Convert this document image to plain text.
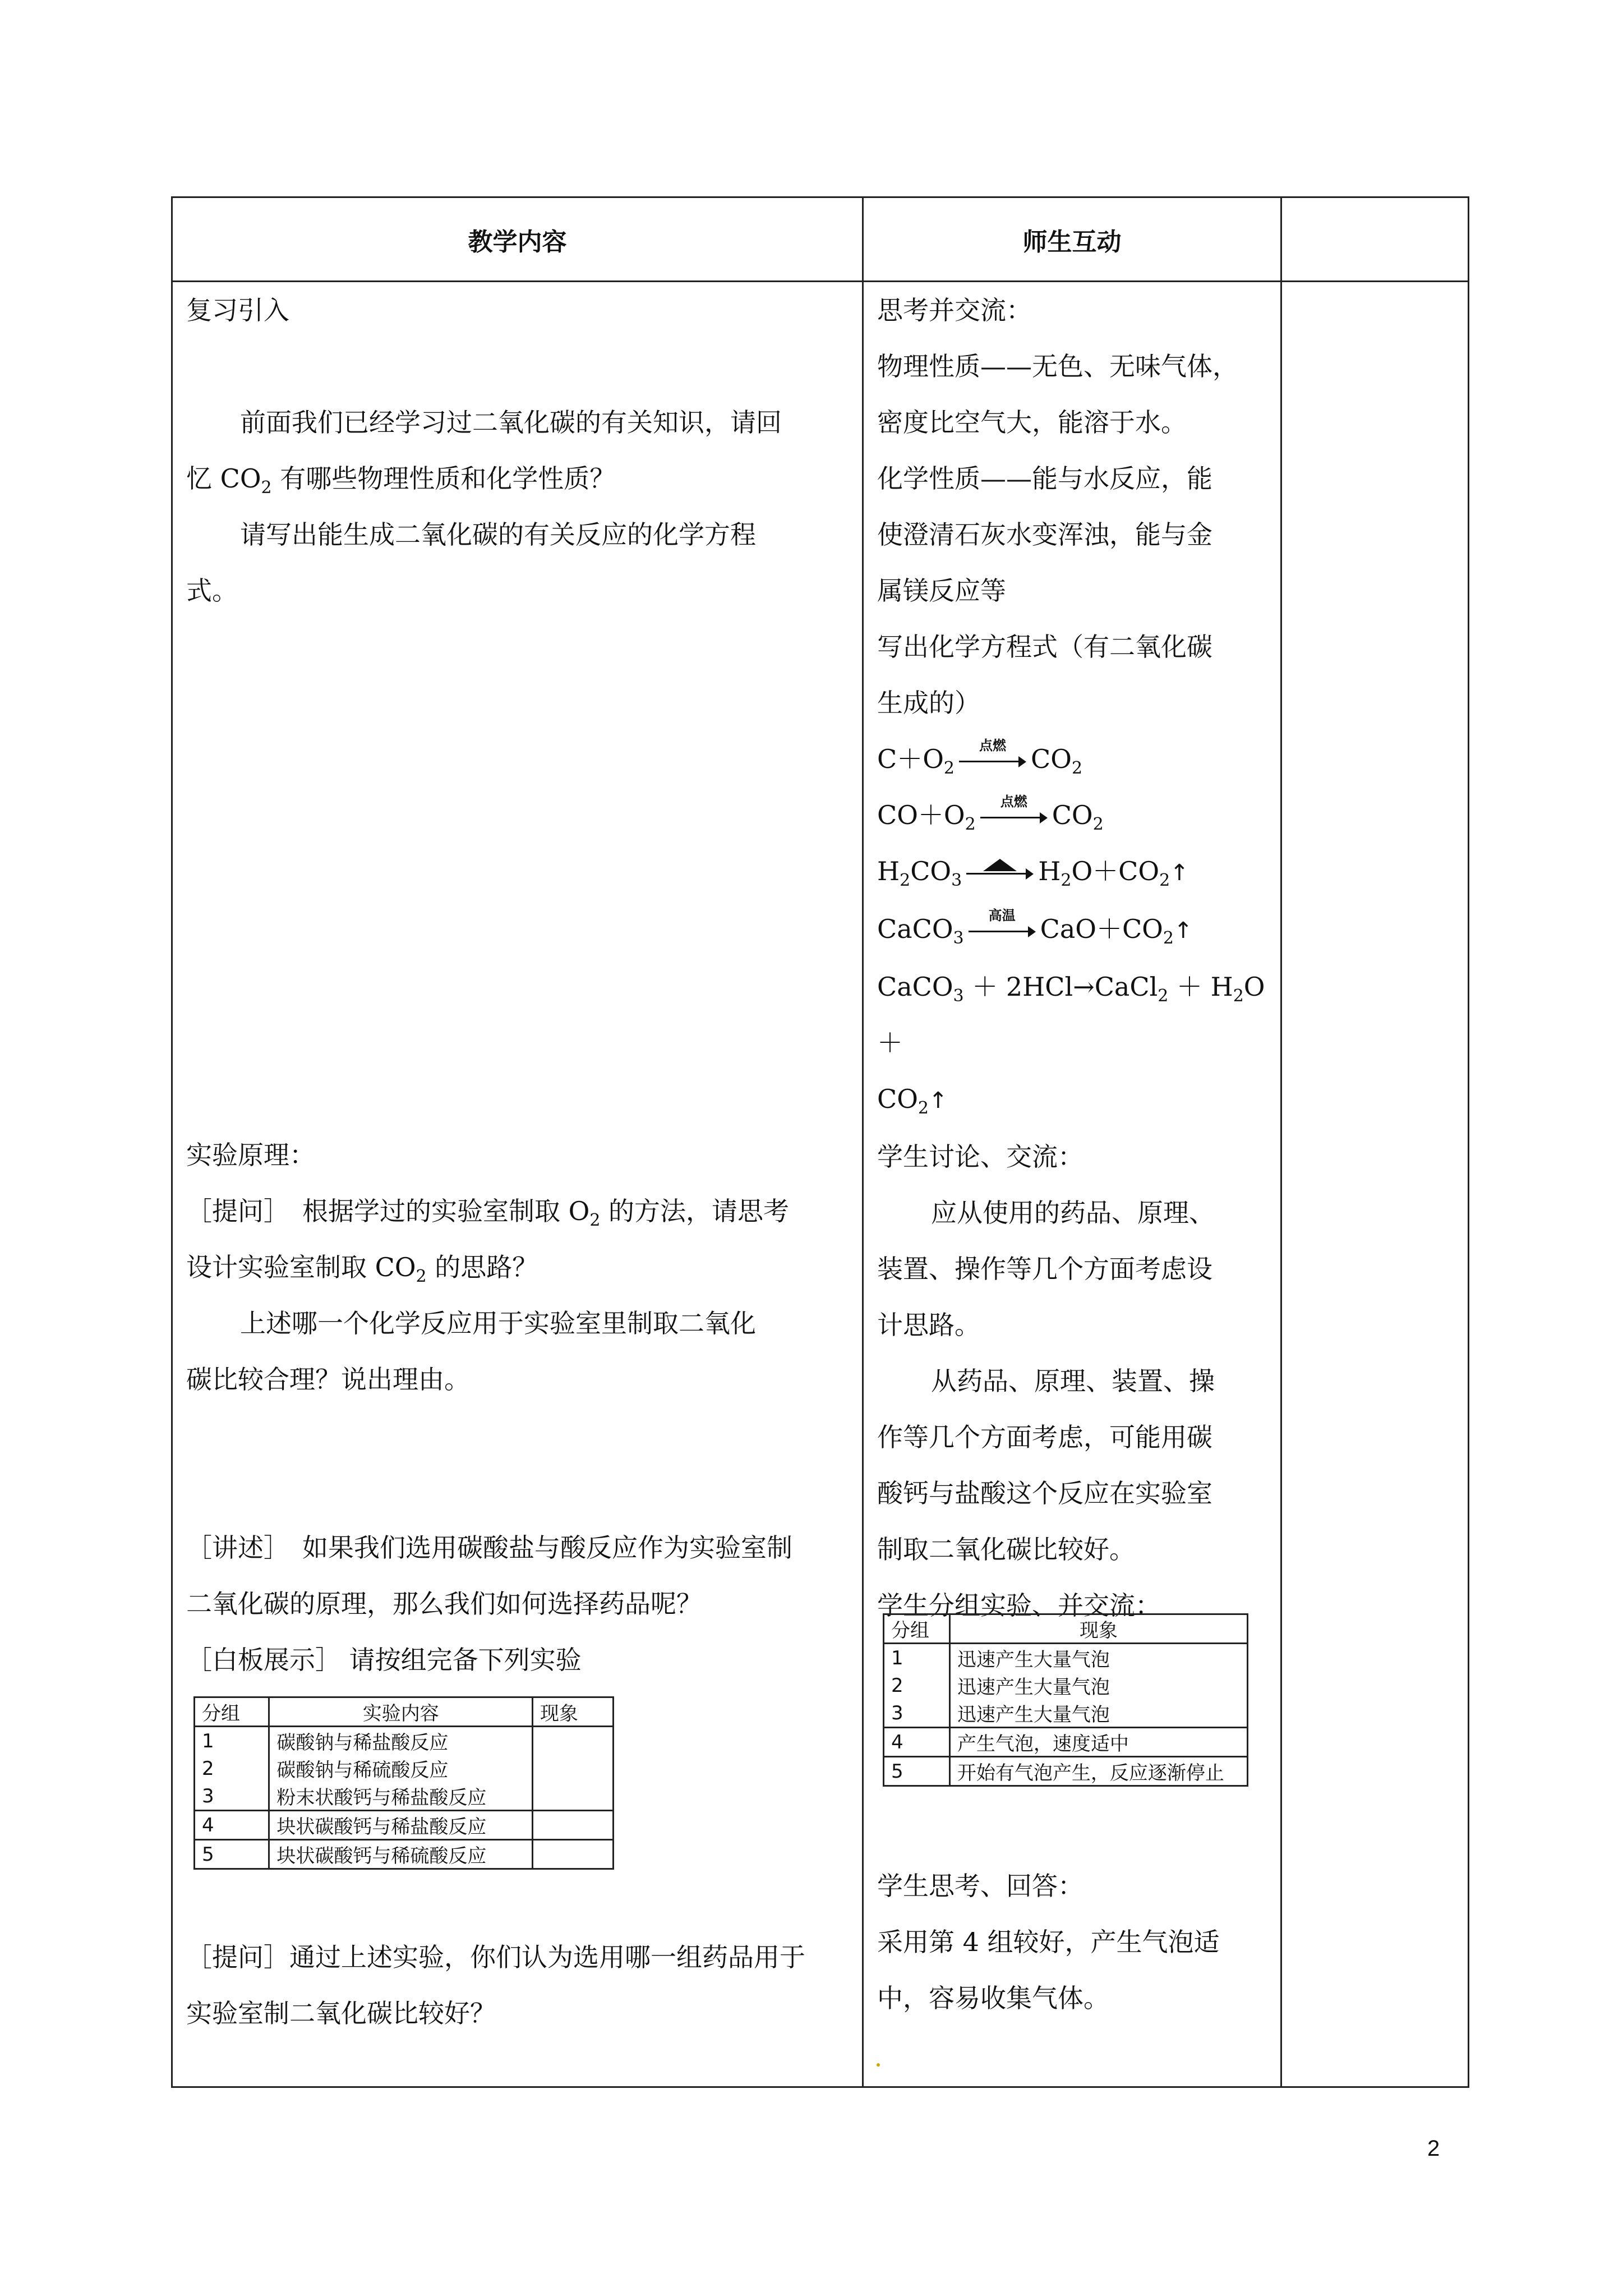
教学内容	师生互动

复习引入

前面我们已经学习过二氧化碳的有关知识，请回

忆 $CO_2$ 有哪些物理性质和化学性质？

请写出能生成二氧化碳的有关反应的化学方程

式。

实验原理：

［提问］　根据学过的实验室制取 $O_2$ 的方法，请思考

设计实验室制取 $CO_2$ 的思路？

上述哪一个化学反应用于实验室里制取二氧化

碳比较合理？说出理由。

［讲述］　如果我们选用碳酸盐与酸反应作为实验室制

二氧化碳的原理，那么我们如何选择药品呢？

［白板展示］ 请按组完备下列实验

［提问］通过上述实验，你们认为选用哪一组药品用于

实验室制二氧化碳比较好？

思考并交流：

物理性质——无色、无味气体，

密度比空气大，能溶于水。

化学性质——能与水反应，能

使澄清石灰水变浑浊，能与金

属镁反应等

写出化学方程式（有二氧化碳

生成的）

$C+O_2$
点燃 $CO_2$

$CO+O_2$
点燃 $CO_2$

$H_2CO_3$	$H_2O+CO_2↑$

CaCO$_3$
高温 $CaO+CO_2↑$

CaCO$_3$ ＋ 2HCl→CaCl$_2$ ＋ $H_2O$ ＋

$CO_2↑$

学生讨论、交流：

应从使用的药品、原理、

装置、操作等几个方面考虑设

计思路。

从药品、原理、装置、操

作等几个方面考虑，可能用碳

酸钙与盐酸这个反应在实验室

制取二氧化碳比较好。

学生分组实验、并交流：

学生思考、回答：

采用第 4 组较好，产生气泡适

中，容易收集气体。

分组	实验内容	现象
1	碳酸钠与稀盐酸反应	
2	碳酸钠与稀硫酸反应	
3	粉末状酸钙与稀盐酸反应	
4	块状碳酸钙与稀盐酸反应	
5	块状碳酸钙与稀硫酸反应	
分组	现象
1	迅速产生大量气泡
2	迅速产生大量气泡
3	迅速产生大量气泡
4	产生气泡，速度适中
5	开始有气泡产生，反应逐渐停止
2
